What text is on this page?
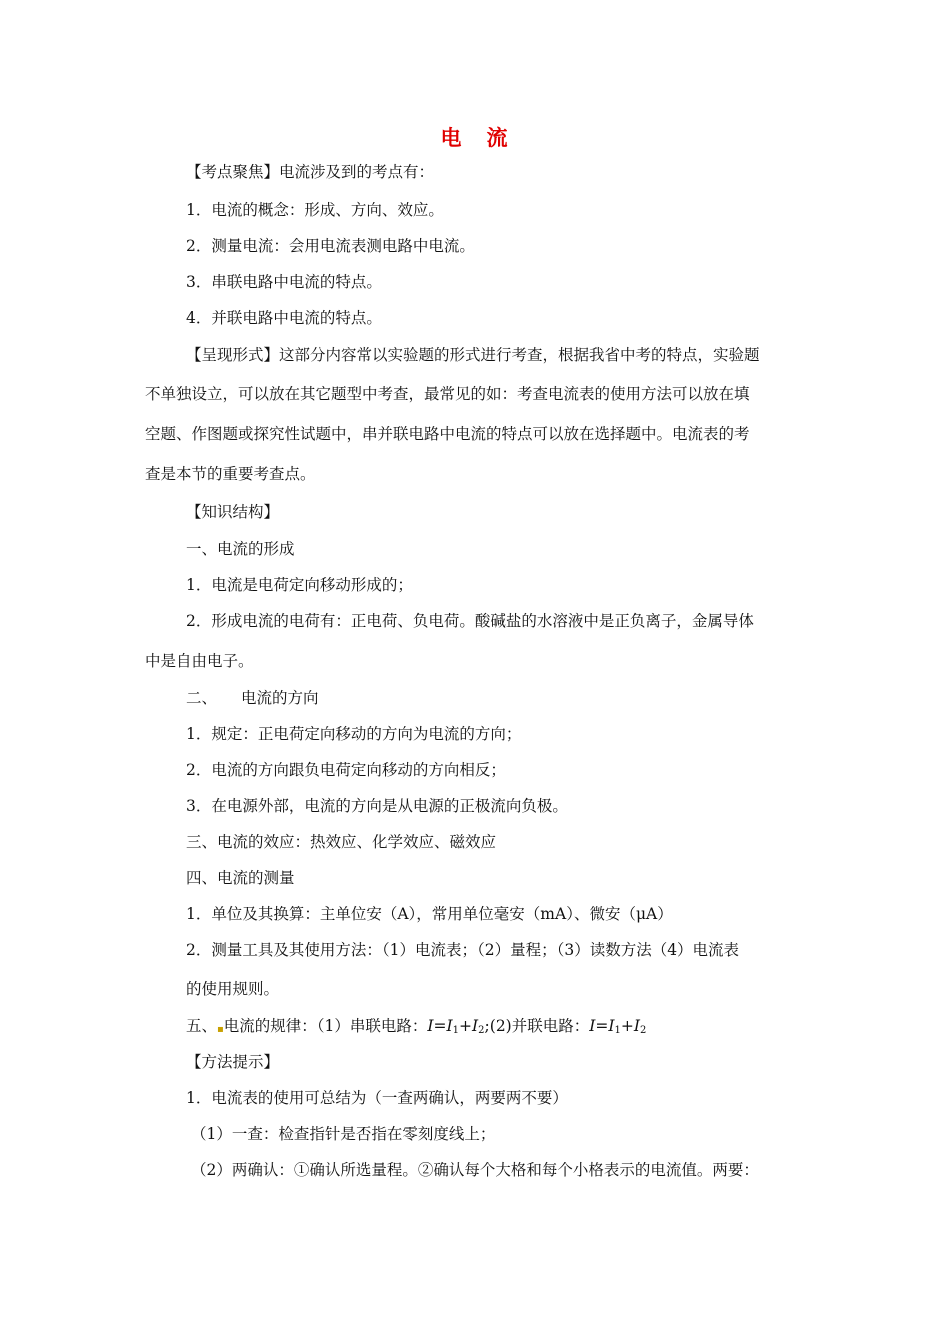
电　流
【考点聚焦】电流涉及到的考点有：
1．电流的概念：形成、方向、效应。
2．测量电流：会用电流表测电路中电流。
3．串联电路中电流的特点。
4．并联电路中电流的特点。
【呈现形式】这部分内容常以实验题的形式进行考查，根据我省中考的特点，实验题
不单独设立，可以放在其它题型中考查，最常见的如：考查电流表的使用方法可以放在填
空题、作图题或探究性试题中，串并联电路中电流的特点可以放在选择题中。电流表的考
查是本节的重要考查点。
【知识结构】
一、电流的形成
1．电流是电荷定向移动形成的；
2．形成电流的电荷有：正电荷、负电荷。酸碱盐的水溶液中是正负离子，金属导体
中是自由电子。
二、 电流的方向
1．规定：正电荷定向移动的方向为电流的方向；
2．电流的方向跟负电荷定向移动的方向相反；
3．在电源外部，电流的方向是从电源的正极流向负极。
三、电流的效应：热效应、化学效应、磁效应
四、电流的测量
1．单位及其换算：主单位安（A），常用单位毫安（mA）、微安（μA）
2．测量工具及其使用方法：（1）电流表；（2）量程；（3）读数方法（4）电流表
的使用规则。
五、▪电流的规律：（1）串联电路：$I=I_1+I_2;(2)$并联电路：$I=I_1+I_2$
【方法提示】
1．电流表的使用可总结为（一查两确认，两要两不要）
（1）一查：检查指针是否指在零刻度线上；
（2）两确认：①确认所选量程。②确认每个大格和每个小格表示的电流值。两要：
